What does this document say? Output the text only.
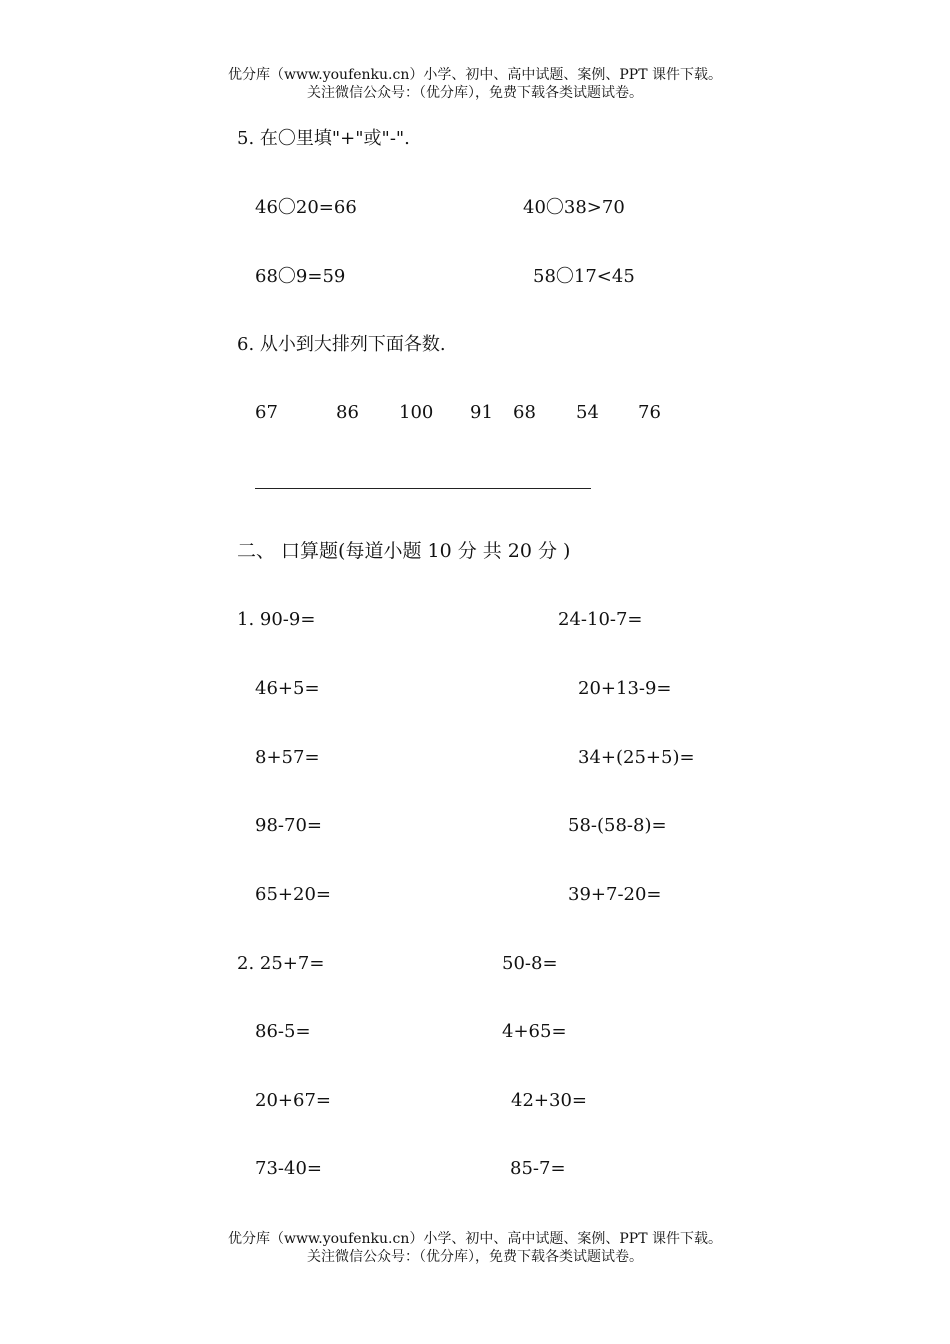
优分库（www.youfenku.cn）小学、初中、高中试题、案例、PPT 课件下载。
关注微信公众号：（优分库），免费下载各类试题试卷。
5. 在〇里填"+"或"-".
46〇20=66	40〇38>70
68〇9=59	58〇17<45
6. 从小到大排列下面各数.
67	86 100 91 68 54 76
二、 口算题(每道小题 10 分 共 20 分 )
1. 90-9=	24-10-7=
46+5=	20+13-9=
8+57=	34+(25+5)=
98-70=	58-(58-8)=
65+20=	39+7-20=
2. 25+7=	50-8=
86-5=	4+65=
20+67=	42+30=
73-40=	85-7=
优分库（www.youfenku.cn）小学、初中、高中试题、案例、PPT 课件下载。
关注微信公众号：（优分库），免费下载各类试题试卷。
